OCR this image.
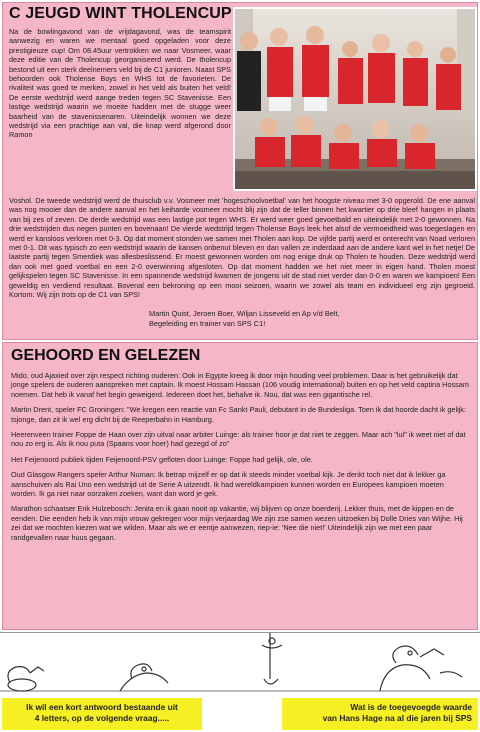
C JEUGD WINT THOLENCUP
Na de bowlingavond van de vrijdagavond, was de teamspirit aanwezig en waren we mentaal goed opgeladen voor deze prestigieuze cup! Om 08.45uur vertrokken we naar Vosmeer, waar deze editie van de Tholencup georganiseerd werd. De tholencup bestond uit een sterk deelnemers veld bij de C1 junioren. Naast SPS behoorden ook Tholense Boys en WHS tot de favorieten. De rivaliteit was goed te merken, zowel in het veld als buiten het veld! De eerste wedstrijd werd aange treden tegen SC Stavenisse. Een lastige wedstrijd waarin we moeite hadden met de stugge weer baarheid van de stavenissenaren. Uiteindelijk wonnen we deze wedstrijd via een prachtige aan val, die knap werd afgerond door Ramon
Voshol. De tweede wedstrijd werd de thuisclub v.v. Vosmeer met 'hogeschoolvoetbal' van het hoogste niveau met 3-0 opgerold. De ene aanval was nog mooier dan de andere aanval en het keiharde vosmeer mocht blij zijn dat de teller binnen het kwartier op drie bleef hangen in plaats van bij zes of zeven. De derde wedstrijd was een lastige pot tegen WHS. Er werd weer goed gevoetbald en uiteindelijk met 2-0 gewonnen. Na drie wedstrijden dus negen punten en bovenaan! De vierde wedstrijd tegen Tholense Boys leek het alsof de vermoeidheid was toegeslagen en werd er kansloos verloren met 0-3. Op dat moment stonden we samen met Tholen aan kop. De vijfde partij werd er onterecht van Noad verloren met 0-1. Dit was typisch zo een wedstrijd waarin de kansen onbenut bleven en dan vallen ze inderdaad aan de andere kant wel in het netje! De laatste partij tegen Smerdiek was allesbeslissend. Er moest gewonnen worden om nog enige druk op Tholen te houden. Deze wedstrijd werd dan ook met goed voetbal en een 2-0 overwinning afgesloten. Op dat moment hadden we het niet meer in eigen hand. Tholen moest gelijkspelen tegen SC Stavenisse. In een spannende wedstrijd kwamen de jongens uit de stad niet verder dan 0-0 en waren we kampioen! Een geweldig en verdiend resultaat. Bovenal een bekroning op een mooi seizoen, waarin we zowel als team en individueel erg zijn gegroeid. Kortom: Wij zijn trots op de C1 van SPS!
Martin Quist, Jeroen Boer, Wiljan Lisseveld en Ap v/d Belt,
Begeleiding en trainer van SPS C1!
GEHOORD EN GELEZEN

Mido, oud Ajaxied over zijn respect richting ouderen: Ook in Egypte kreeg ik door mijn houding veel problemen. Daar is het gebruikelijk dat jonge spelers de ouderen aanspreken met captain. Ik moest Hossam Hassan (106 voudig international) buiten en op het veld captina Hossam noemen. Dat heb ik vanaf het begin geweigerd. Iedereen doet het, behalve ik. Nou, dat was een gigantische rel.

Martin Drent, speler FC Groningen: "We kregen een reactie van Fc Sankt Pauli, debutant in de Bundesliga. Toen ik dat hoorde dacht ik gelijk: tsjonge, dan zit ik wel erg dicht bij de Reeperbahn in Hamburg.

Heerenveen trainer Foppe de Haan over zijn uitval naar arbiter Luinge: als trainer hoor je dat niet te zeggen. Maar ach "lul" ik weet niet of dat nou zo erg is. Als ik nou puta (Spaans voor hoer) had gezegd of zo"

Het Feijenoord publiek tijden Feijenoord-PSV gefloten door Luinge: Foppe had gelijk, ole, ole.

Oud Glasgow Rangers speler Arthur Numan: Ik betrap mijzelf er op dat ik steeds minder voetbal kijk. Je denkt toch niet dat ik lekker ga aanschuiven als Rai Uno een wedstrijd uit de Serie A uitzendt. Ik had wereldkampioen kunnen worden en Europees kampioen moeten worden. Ik ga niet naar oorzaken zoeken, want dan word je gek.

Marathon schaatser Erik Hulzebosch: Jenita en ik gaan nooit op vakantie, wij blijven op onze boerderij. Lekker thuis, met de kippen en de eenden. Die eenden heb ik van mijn vrouw gekregen voor mijn verjaardag We zijn zse samen wezen uitzoeken bij Dolle Dries van Wijhe. Hij zei dat we mochten kiezen wat we wilden. Maar als we er eentje aanwezen, riep-ie: 'Nee die niet!' Uiteindelijk zijn we met een paar randgevallen naar huus gegaan.

Ik wil een kort antwoord bestaande uit
4 letters, op de volgende vraag.....
Wat is de toegevoegde waarde
van Hans Hage na al die jaren bij SPS
